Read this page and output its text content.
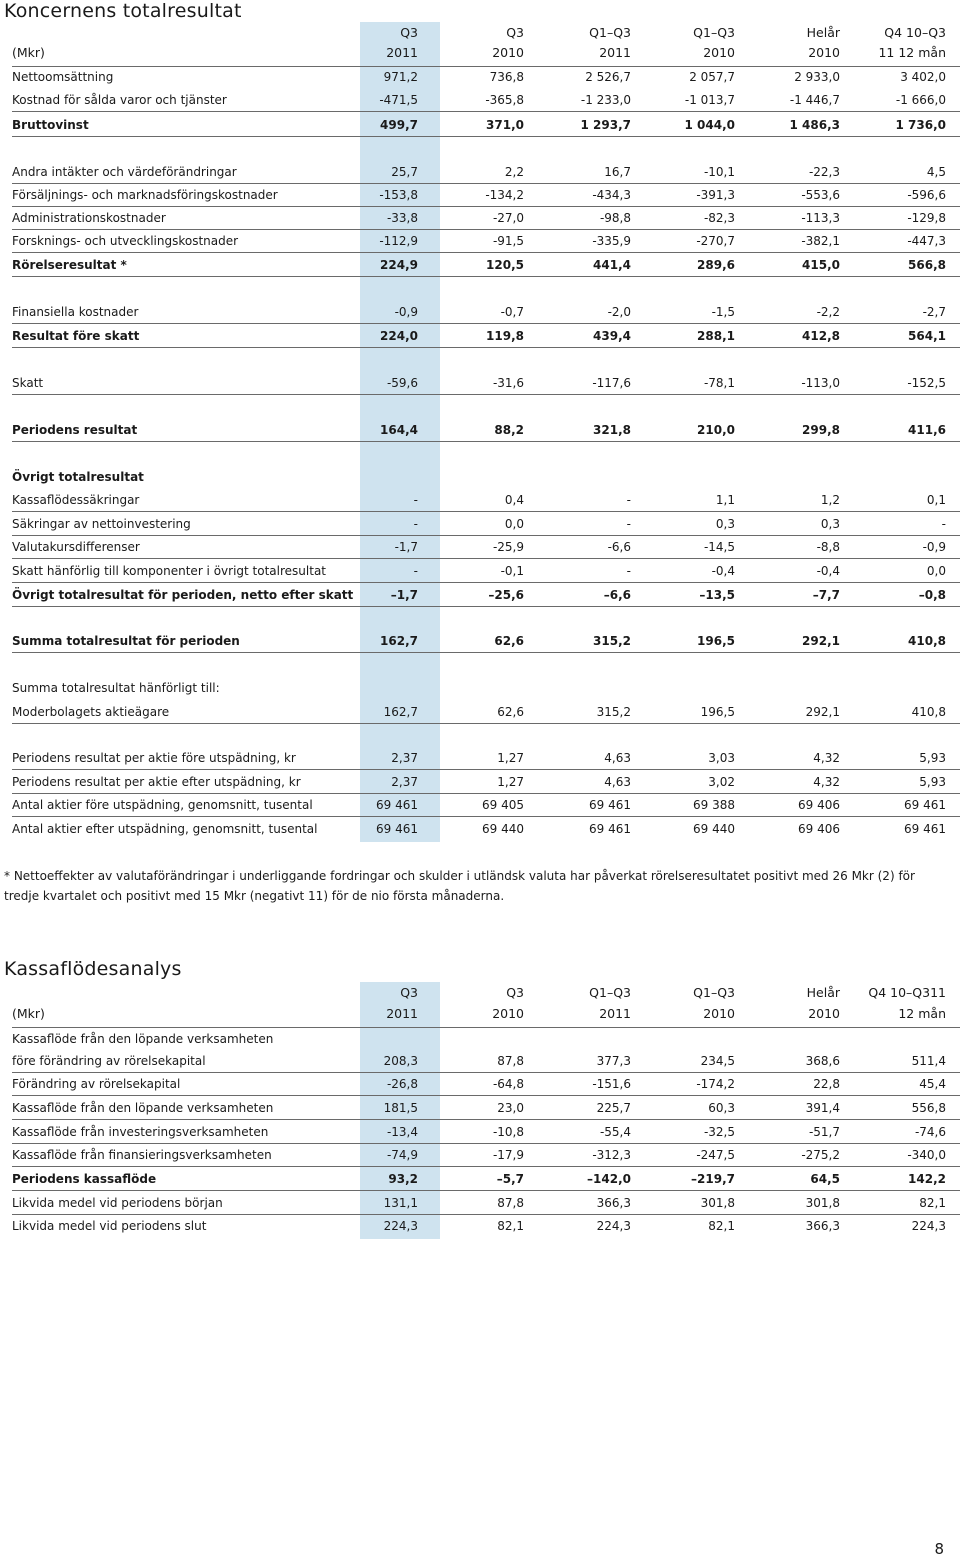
Koncernens totalresultat
Q3	Q3	Q1–Q3	Q1–Q3	Helår	Q4 10–Q3
(Mkr)	2011	2010	2011	2010	2010	11 12 mån
Nettoomsättning	971,2	736,8	2 526,7	2 057,7	2 933,0	3 402,0
Kostnad för sålda varor och tjänster	-471,5	-365,8	-1 233,0	-1 013,7	-1 446,7	-1 666,0
Bruttovinst	499,7	371,0	1 293,7	1 044,0	1 486,3	1 736,0
Andra intäkter och värdeförändringar	25,7	2,2	16,7	-10,1	-22,3	4,5
Försäljnings- och marknadsföringskostnader	-153,8	-134,2	-434,3	-391,3	-553,6	-596,6
Administrationskostnader	-33,8	-27,0	-98,8	-82,3	-113,3	-129,8
Forsknings- och utvecklingskostnader	-112,9	-91,5	-335,9	-270,7	-382,1	-447,3
Rörelseresultat *	224,9	120,5	441,4	289,6	415,0	566,8
Finansiella kostnader	-0,9	-0,7	-2,0	-1,5	-2,2	-2,7
Resultat före skatt	224,0	119,8	439,4	288,1	412,8	564,1
Skatt	-59,6	-31,6	-117,6	-78,1	-113,0	-152,5
Periodens resultat	164,4	88,2	321,8	210,0	299,8	411,6
Övrigt totalresultat
Kassaflödessäkringar	-	0,4	-	1,1	1,2	0,1
Säkringar av nettoinvestering	-	0,0	-	0,3	0,3	-
Valutakursdifferenser	-1,7	-25,9	-6,6	-14,5	-8,8	-0,9
Skatt hänförlig till komponenter i övrigt totalresultat	-	-0,1	-	-0,4	-0,4	0,0
Övrigt totalresultat för perioden, netto efter skatt	–1,7	–25,6	–6,6	–13,5	–7,7	–0,8
Summa totalresultat för perioden	162,7	62,6	315,2	196,5	292,1	410,8
Summa totalresultat hänförligt till:
Moderbolagets aktieägare	162,7	62,6	315,2	196,5	292,1	410,8
Periodens resultat per aktie före utspädning, kr	2,37	1,27	4,63	3,03	4,32	5,93
Periodens resultat per aktie efter utspädning, kr	2,37	1,27	4,63	3,02	4,32	5,93
Antal aktier före utspädning, genomsnitt, tusental	69 461	69 405	69 461	69 388	69 406	69 461
Antal aktier efter utspädning, genomsnitt, tusental	69 461	69 440	69 461	69 440	69 406	69 461
* Nettoeffekter av valutaförändringar i underliggande fordringar och skulder i utländsk valuta har påverkat rörelseresultatet positivt med 26 Mkr (2) för tredje kvartalet och positivt med 15 Mkr (negativt 11) för de nio första månaderna.
Kassaflödesanalys
Q3	Q3	Q1–Q3	Q1–Q3	Helår	Q4 10–Q311
(Mkr)	2011	2010	2011	2010	2010	12 mån
Kassaflöde från den löpande verksamheten
före förändring av rörelsekapital	208,3	87,8	377,3	234,5	368,6	511,4
Förändring av rörelsekapital	-26,8	-64,8	-151,6	-174,2	22,8	45,4
Kassaflöde från den löpande verksamheten	181,5	23,0	225,7	60,3	391,4	556,8
Kassaflöde från investeringsverksamheten	-13,4	-10,8	-55,4	-32,5	-51,7	-74,6
Kassaflöde från finansieringsverksamheten	-74,9	-17,9	-312,3	-247,5	-275,2	-340,0
Periodens kassaflöde	93,2	–5,7	–142,0	–219,7	64,5	142,2
Likvida medel vid periodens början	131,1	87,8	366,3	301,8	301,8	82,1
Likvida medel vid periodens slut	224,3	82,1	224,3	82,1	366,3	224,3
8
